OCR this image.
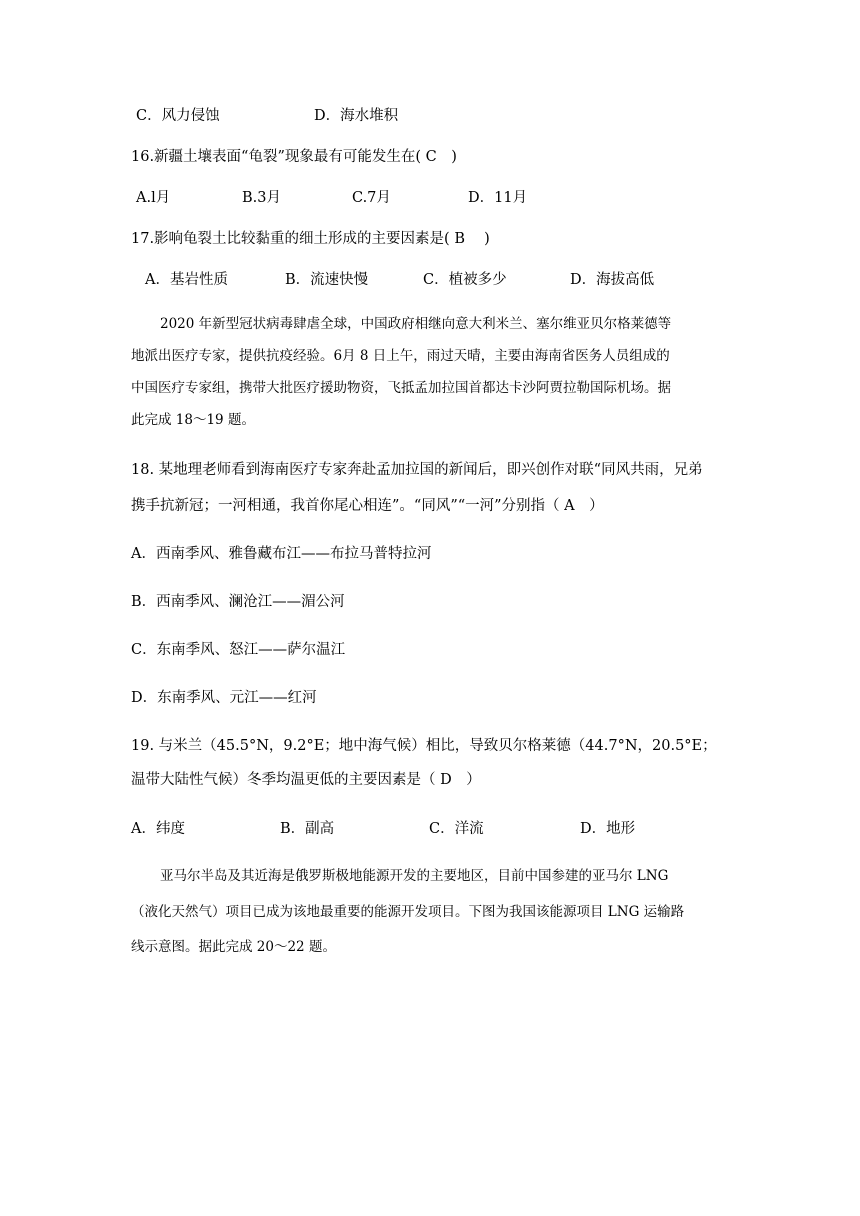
C．风力侵蚀	D．海水堆积

16.新疆土壤表面“龟裂”现象最有可能发生在( C　)

A.l月	B.3月	C.7月	D．11月

17.影响龟裂土比较黏重的细土形成的主要因素是( B　 )

A．基岩性质	B．流速快慢	C．植被多少	D．海拔高低
2020 年新型冠状病毒肆虐全球，中国政府相继向意大利米兰、塞尔维亚贝尔格莱德等
地派出医疗专家，提供抗疫经验。6月 8 日上午，雨过天晴，主要由海南省医务人员组成的
中国医疗专家组，携带大批医疗援助物资，飞抵孟加拉国首都达卡沙阿贾拉勒国际机场。据
此完成 18～19 题。

18. 某地理老师看到海南医疗专家奔赴孟加拉国的新闻后，即兴创作对联“同风共雨，兄弟

携手抗新冠；一河相通，我首你尾心相连”。“同风”“一河”分别指（ A　）

A．西南季风、雅鲁藏布江——布拉马普特拉河

B．西南季风、澜沧江——湄公河

C．东南季风、怒江——萨尔温江

D．东南季风、元江——红河

19. 与米兰（45.5°N，9.2°E；地中海气候）相比，导致贝尔格莱德（44.7°N，20.5°E；

温带大陆性气候）冬季均温更低的主要因素是（ D　）

A．纬度	B．副高	C．洋流	D．地形
亚马尔半岛及其近海是俄罗斯极地能源开发的主要地区，目前中国参建的亚马尔 LNG
（液化天然气）项目已成为该地最重要的能源开发项目。下图为我国该能源项目 LNG 运输路
线示意图。据此完成 20～22 题。
